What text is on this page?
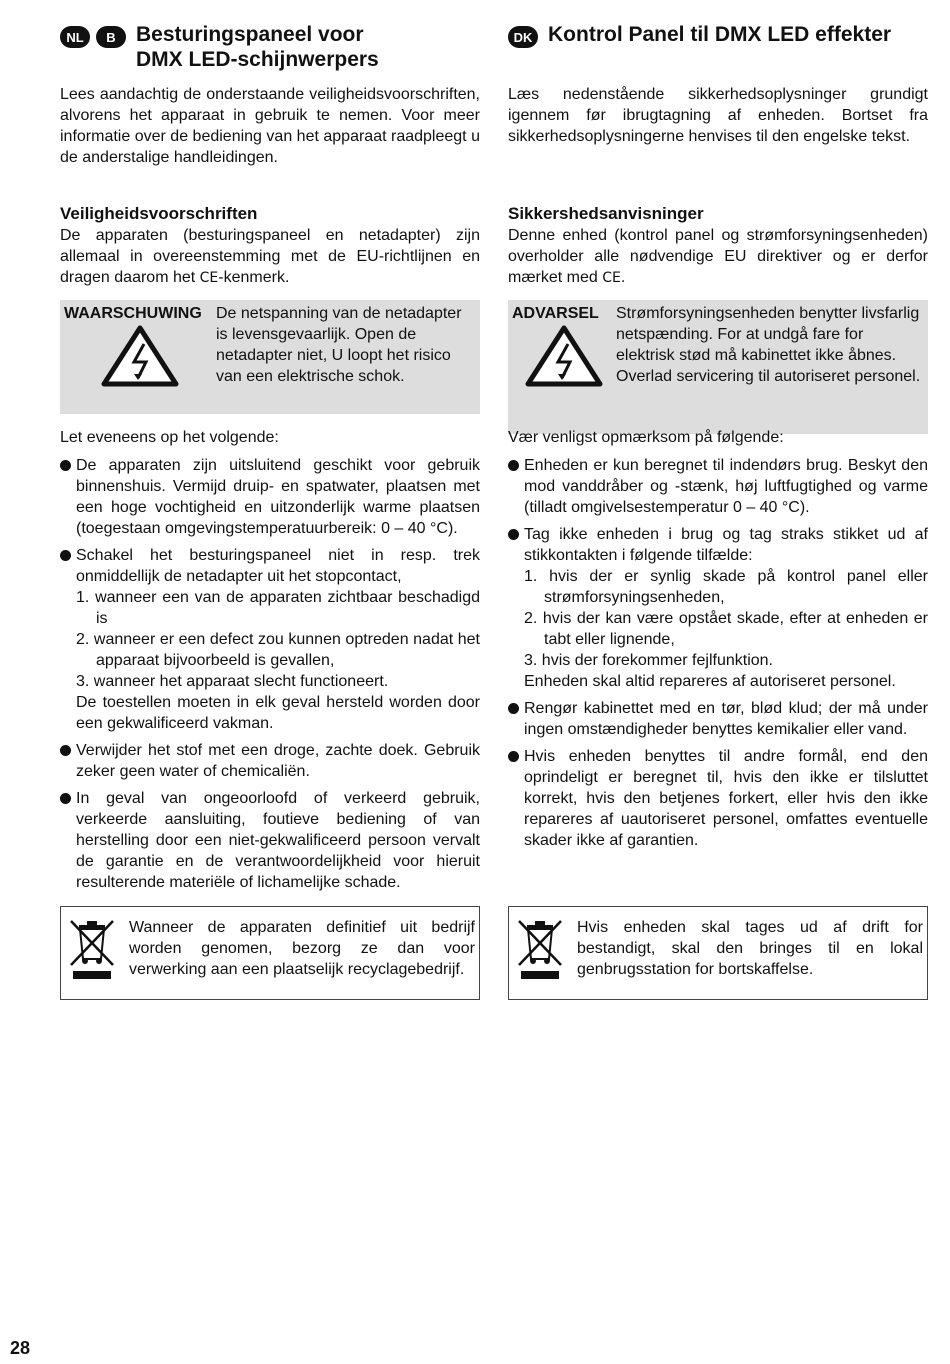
NL	B Besturingspaneel voor
DMX LED-schijnwerpers

Lees aandachtig de onderstaande veiligheidsvoorschriften, alvorens het apparaat in gebruik te nemen. Voor meer informatie over de bediening van het apparaat raadpleegt u de anderstalige handleidingen.

Veiligheidsvoorschriften

De apparaten (besturingspaneel en netadapter) zijn allemaal in overeenstemming met de EU-richtlijnen en dragen daarom het CE-kenmerk.

WAARSCHUWING De netspanning van de netadapter is levensgevaarlijk. Open de netadapter niet, U loopt het risico van een elektrische schok.

Let eveneens op het volgende:

De apparaten zijn uitsluitend geschikt voor gebruik binnenshuis. Vermijd druip- en spatwater, plaatsen met een hoge vochtigheid en uitzonderlijk warme plaatsen (toegestaan omgevingstemperatuurbereik: 0 – 40 °C).
Schakel het besturingspaneel niet in resp. trek onmiddellijk de netadapter uit het stopcontact,
1. wanneer een van de apparaten zichtbaar beschadigd is
2. wanneer er een defect zou kunnen optreden nadat het apparaat bijvoorbeeld is gevallen,
3. wanneer het apparaat slecht functioneert.
De toestellen moeten in elk geval hersteld worden door een gekwalificeerd vakman.
Verwijder het stof met een droge, zachte doek. Gebruik zeker geen water of chemicaliën.
In geval van ongeoorloofd of verkeerd gebruik, verkeerde aansluiting, foutieve bediening of van herstelling door een niet-gekwalificeerd persoon vervalt de garantie en de verantwoordelijkheid voor hieruit resulterende materiële of lichamelijke schade.

Wanneer de apparaten definitief uit bedrijf worden genomen, bezorg ze dan voor verwerking aan een plaatselijk recyclagebedrijf.

DK Kontrol Panel til DMX LED effekter

Læs nedenstående sikkerhedsoplysninger grundigt igennem før ibrugtagning af enheden. Bortset fra sikkerhedsoplysningerne henvises til den engelske tekst.

Sikkershedsanvisninger

Denne enhed (kontrol panel og strømforsyningsenheden) overholder alle nødvendige EU direktiver og er derfor mærket med CE.

ADVARSEL Strømforsyningsenheden benytter livsfarlig netspænding. For at undgå fare for elektrisk stød må kabinettet ikke åbnes. Overlad servicering til autoriseret personel.

Vær venligst opmærksom på følgende:

Enheden er kun beregnet til indendørs brug. Beskyt den mod vanddråber og -stænk, høj luftfugtighed og varme (tilladt omgivelsestemperatur 0 – 40 °C).
Tag ikke enheden i brug og tag straks stikket ud af stikkontakten i følgende tilfælde:
1. hvis der er synlig skade på kontrol panel eller strømforsyningsenheden,
2. hvis der kan være opstået skade, efter at enheden er tabt eller lignende,
3. hvis der forekommer fejlfunktion.
Enheden skal altid repareres af autoriseret personel.
Rengør kabinettet med en tør, blød klud; der må under ingen omstændigheder benyttes kemikalier eller vand.
Hvis enheden benyttes til andre formål, end den oprindeligt er beregnet til, hvis den ikke er tilsluttet korrekt, hvis den betjenes forkert, eller hvis den ikke repareres af uautoriseret personel, omfattes eventuelle skader ikke af garantien.

Hvis enheden skal tages ud af drift for bestandigt, skal den bringes til en lokal genbrugsstation for bortskaffelse.

28
